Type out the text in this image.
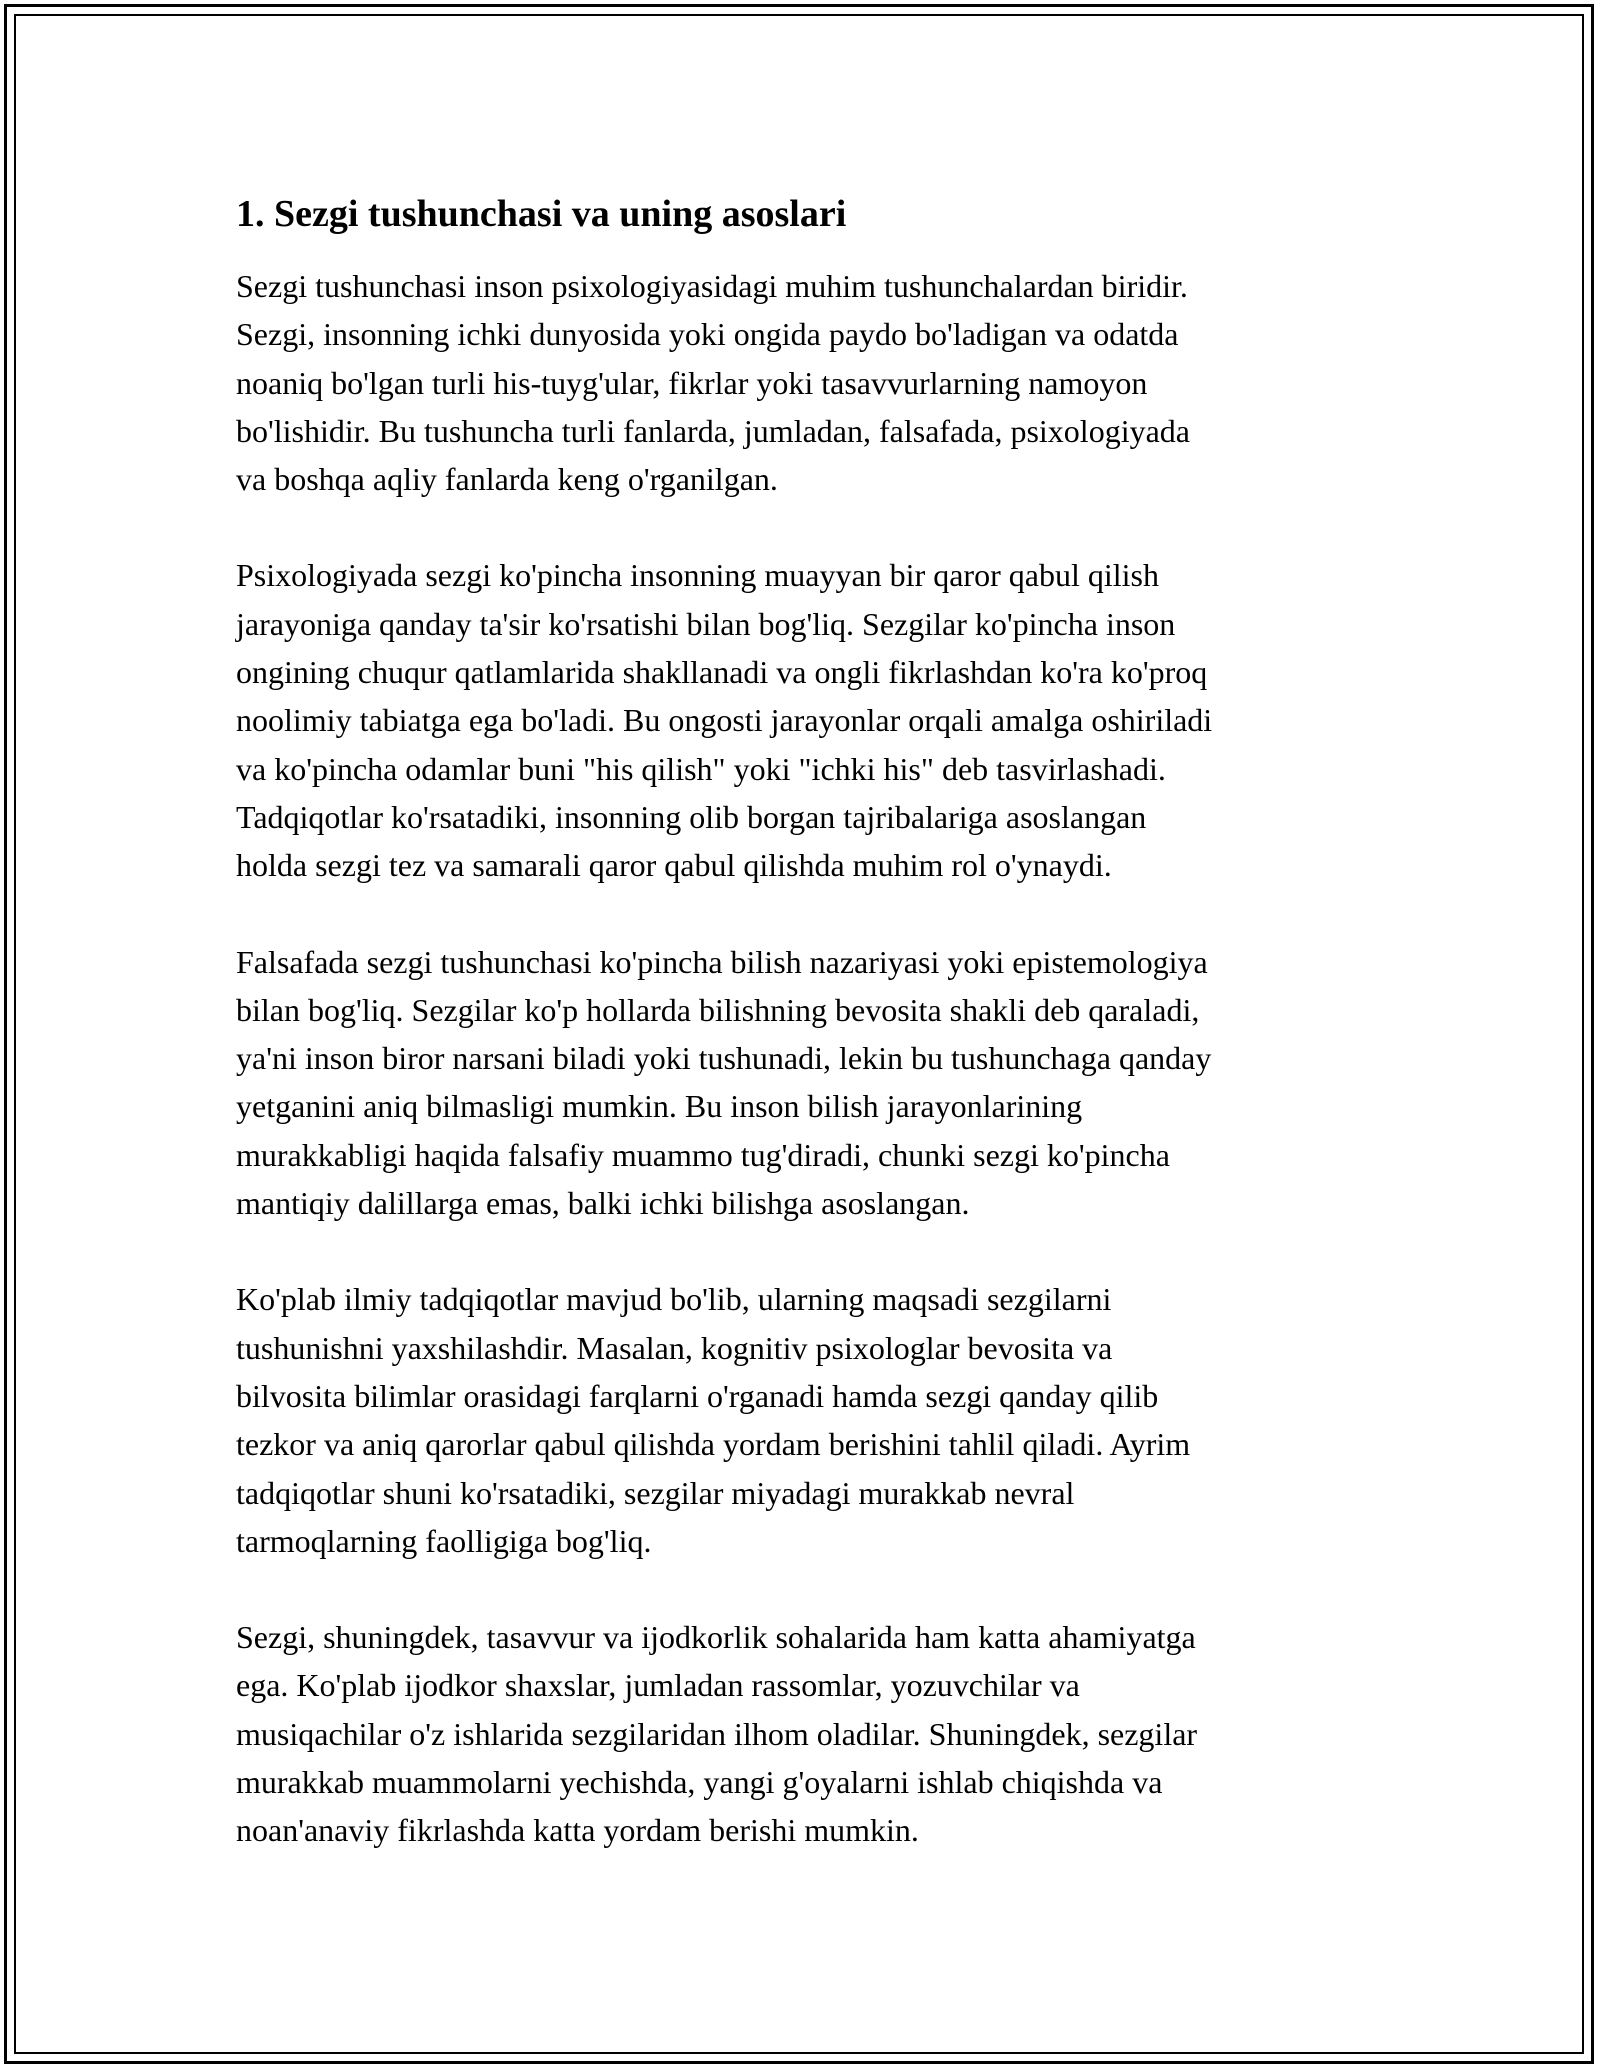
1. Sezgi tushunchasi va uning asoslari

Sezgi tushunchasi inson psixologiyasidagi muhim tushunchalardan biridir.
Sezgi, insonning ichki dunyosida yoki ongida paydo bo'ladigan va odatda
noaniq bo'lgan turli his-tuyg'ular, fikrlar yoki tasavvurlarning namoyon
bo'lishidir. Bu tushuncha turli fanlarda, jumladan, falsafada, psixologiyada
va boshqa aqliy fanlarda keng o'rganilgan.

Psixologiyada sezgi ko'pincha insonning muayyan bir qaror qabul qilish
jarayoniga qanday ta'sir ko'rsatishi bilan bog'liq. Sezgilar ko'pincha inson
ongining chuqur qatlamlarida shakllanadi va ongli fikrlashdan ko'ra ko'proq
noolimiy tabiatga ega bo'ladi. Bu ongosti jarayonlar orqali amalga oshiriladi
va ko'pincha odamlar buni "his qilish" yoki "ichki his" deb tasvirlashadi.
Tadqiqotlar ko'rsatadiki, insonning olib borgan tajribalariga asoslangan
holda sezgi tez va samarali qaror qabul qilishda muhim rol o'ynaydi.

Falsafada sezgi tushunchasi ko'pincha bilish nazariyasi yoki epistemologiya
bilan bog'liq. Sezgilar ko'p hollarda bilishning bevosita shakli deb qaraladi,
ya'ni inson biror narsani biladi yoki tushunadi, lekin bu tushunchaga qanday
yetganini aniq bilmasligi mumkin. Bu inson bilish jarayonlarining
murakkabligi haqida falsafiy muammo tug'diradi, chunki sezgi ko'pincha
mantiqiy dalillarga emas, balki ichki bilishga asoslangan.

Ko'plab ilmiy tadqiqotlar mavjud bo'lib, ularning maqsadi sezgilarni
tushunishni yaxshilashdir. Masalan, kognitiv psixologlar bevosita va
bilvosita bilimlar orasidagi farqlarni o'rganadi hamda sezgi qanday qilib
tezkor va aniq qarorlar qabul qilishda yordam berishini tahlil qiladi. Ayrim
tadqiqotlar shuni ko'rsatadiki, sezgilar miyadagi murakkab nevral
tarmoqlarning faolligiga bog'liq.

Sezgi, shuningdek, tasavvur va ijodkorlik sohalarida ham katta ahamiyatga
ega. Ko'plab ijodkor shaxslar, jumladan rassomlar, yozuvchilar va
musiqachilar o'z ishlarida sezgilaridan ilhom oladilar. Shuningdek, sezgilar
murakkab muammolarni yechishda, yangi g'oyalarni ishlab chiqishda va
noan'anaviy fikrlashda katta yordam berishi mumkin.
